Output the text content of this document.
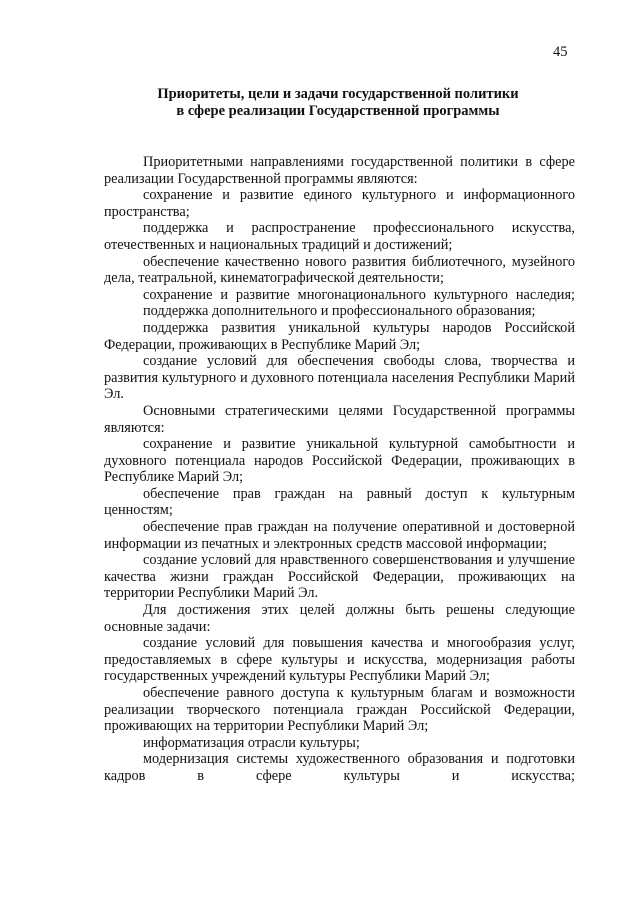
45
Приоритеты, цели и задачи государственной политики
в сфере реализации Государственной программы

Приоритетными направлениями государственной политики в сфере реализации Государственной программы являются:

сохранение и развитие единого культурного и информационного пространства;

поддержка и распространение профессионального искусства, отечественных и национальных традиций и достижений;

обеспечение качественно нового развития библиотечного, музейного дела, театральной, кинематографической деятельности;

сохранение и развитие многонационального культурного наследия;

поддержка дополнительного и профессионального образования;

поддержка развития уникальной культуры народов Российской Федерации, проживающих в Республике Марий Эл;

создание условий для обеспечения свободы слова, творчества и развития культурного и духовного потенциала населения Республики Марий Эл.

Основными стратегическими целями Государственной программы являются:

сохранение и развитие уникальной культурной самобытности и духовного потенциала народов Российской Федерации, проживающих в Республике Марий Эл;

обеспечение прав граждан на равный доступ к культурным ценностям;

обеспечение прав граждан на получение оперативной и достоверной информации из печатных и электронных средств массовой информации;

создание условий для нравственного совершенствования и улучшение качества жизни граждан Российской Федерации, проживающих на территории Республики Марий Эл.

Для достижения этих целей должны быть решены следующие основные задачи:

создание условий для повышения качества и многообразия услуг, предоставляемых в сфере культуры и искусства, модернизация работы государственных учреждений культуры Республики Марий Эл;

обеспечение равного доступа к культурным благам и возможности реализации творческого потенциала граждан Российской Федерации, проживающих на территории Республики Марий Эл;

информатизация отрасли культуры;

модернизация системы художественного образования и подготовки кадров в сфере культуры и искусства;
